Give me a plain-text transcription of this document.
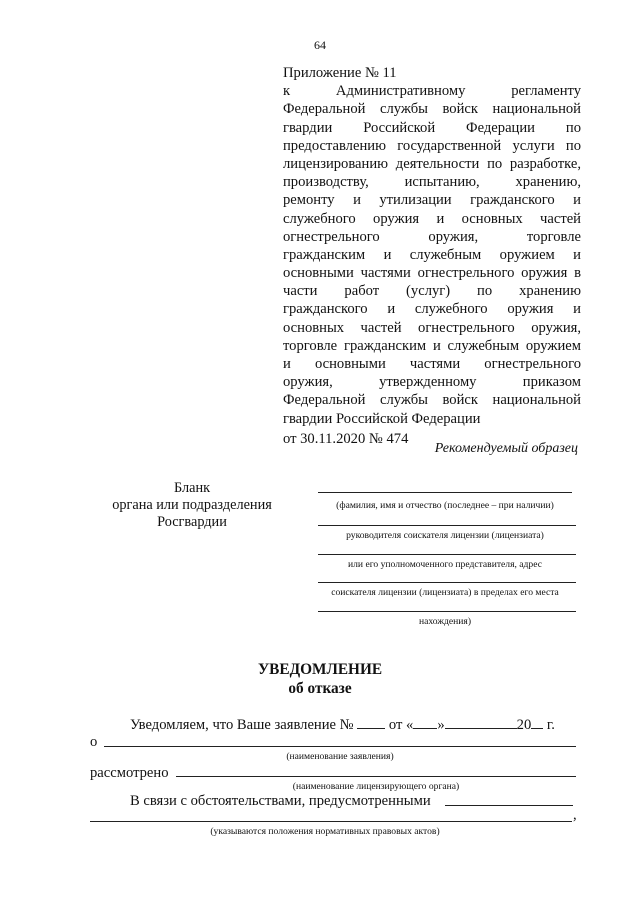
64
Приложение № 11
к Административному регламенту
Федеральной службы войск национальной
гвардии Российской Федерации по
предоставлению государственной услуги по
лицензированию деятельности по разработке,
производству, испытанию, хранению,
ремонту и утилизации гражданского и
служебного оружия и основных частей
огнестрельного оружия, торговле
гражданским и служебным оружием и
основными частями огнестрельного оружия в
части работ (услуг) по хранению
гражданского и служебного оружия и
основных частей огнестрельного оружия,
торговле гражданским и служебным оружием
и основными частями огнестрельного
оружия, утвержденному приказом
Федеральной службы войск национальной
гвардии Российской Федерации
от 30.11.2020 № 474
Рекомендуемый образец
Бланк
органа или подразделения
Росгвардии
(фамилия, имя и отчество (последнее – при наличии)
руководителя соискателя лицензии (лицензиата)
или его уполномоченного представителя, адрес
соискателя лицензии (лицензиата) в пределах его места
нахождения)
УВЕДОМЛЕНИЕ
об отказе
Уведомляем, что Ваше заявление № от « »	20 г.
о
(наименование заявления)
рассмотрено
(наименование лицензирующего органа)
В связи с обстоятельствами, предусмотренными
,
(указываются положения нормативных правовых актов)
